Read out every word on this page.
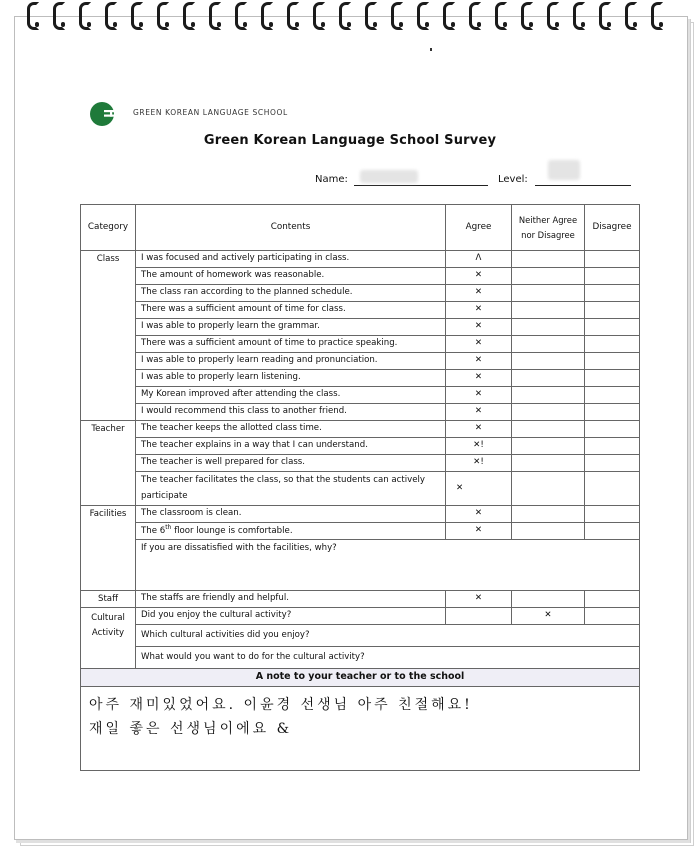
GREEN KOREAN LANGUAGE SCHOOL
Green Korean Language School Survey
Name:	Level:
Category	Contents	Agree	Neither Agree nor Disagree	Disagree
Class	I was focused and actively participating in class.	ᐱ		
	The amount of homework was reasonable.	✕		
	The class ran according to the planned schedule.	✕		
	There was a sufficient amount of time for class.	✕		
	I was able to properly learn the grammar.	✕		
	There was a sufficient amount of time to practice speaking.	✕		
	I was able to properly learn reading and pronunciation.	✕		
	I was able to properly learn listening.	✕		
	My Korean improved after attending the class.	✕		
	I would recommend this class to another friend.	✕		
Teacher	The teacher keeps the allotted class time.	✕		
	The teacher explains in a way that I can understand.	✕!		
	The teacher is well prepared for class.	✕!		
	The teacher facilitates the class, so that the students can actively participate	✕		
Facilities	The classroom is clean.	✕		
	The 6th floor lounge is comfortable.	✕		
	If you are dissatisfied with the facilities, why?			
Staff	The staffs are friendly and helpful.	✕		
Cultural Activity	Did you enjoy the cultural activity?		✕	
	Which cultural activities did you enjoy?			
	What would you want to do for the cultural activity?			
A note to your teacher or to the school				

아주 재미있었어요. 이윤경 선생님 아주 친절해요!
재일 좋은 선생님이에요 &				
